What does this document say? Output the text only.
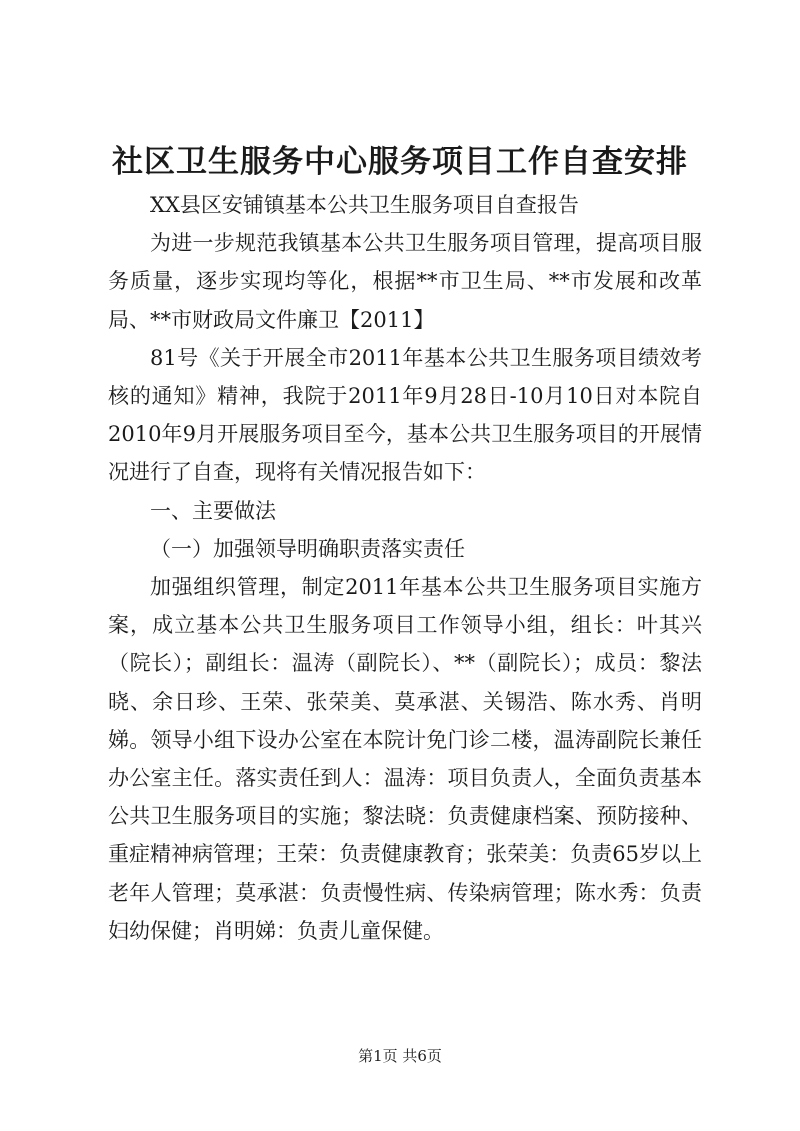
社区卫生服务中心服务项目工作自查安排

XX县区安铺镇基本公共卫生服务项目自查报告

为进一步规范我镇基本公共卫生服务项目管理，提高项目服务质量，逐步实现均等化，根据**市卫生局、**市发展和改革局、**市财政局文件廉卫【2011】

81号《关于开展全市2011年基本公共卫生服务项目绩效考核的通知》精神，我院于2011年9月28日-10月10日对本院自2010年9月开展服务项目至今，基本公共卫生服务项目的开展情况进行了自查，现将有关情况报告如下：

一、主要做法

（一）加强领导明确职责落实责任

加强组织管理，制定2011年基本公共卫生服务项目实施方案，成立基本公共卫生服务项目工作领导小组，组长：叶其兴（院长）；副组长：温涛（副院长）、**（副院长）；成员：黎法晓、余日珍、王荣、张荣美、莫承湛、关锡浩、陈水秀、肖明娣。领导小组下设办公室在本院计免门诊二楼，温涛副院长兼任办公室主任。落实责任到人：温涛：项目负责人，全面负责基本公共卫生服务项目的实施；黎法晓：负责健康档案、预防接种、重症精神病管理；王荣：负责健康教育；张荣美：负责65岁以上老年人管理；莫承湛：负责慢性病、传染病管理；陈水秀：负责妇幼保健；肖明娣：负责儿童保健。

第1页 共6页
